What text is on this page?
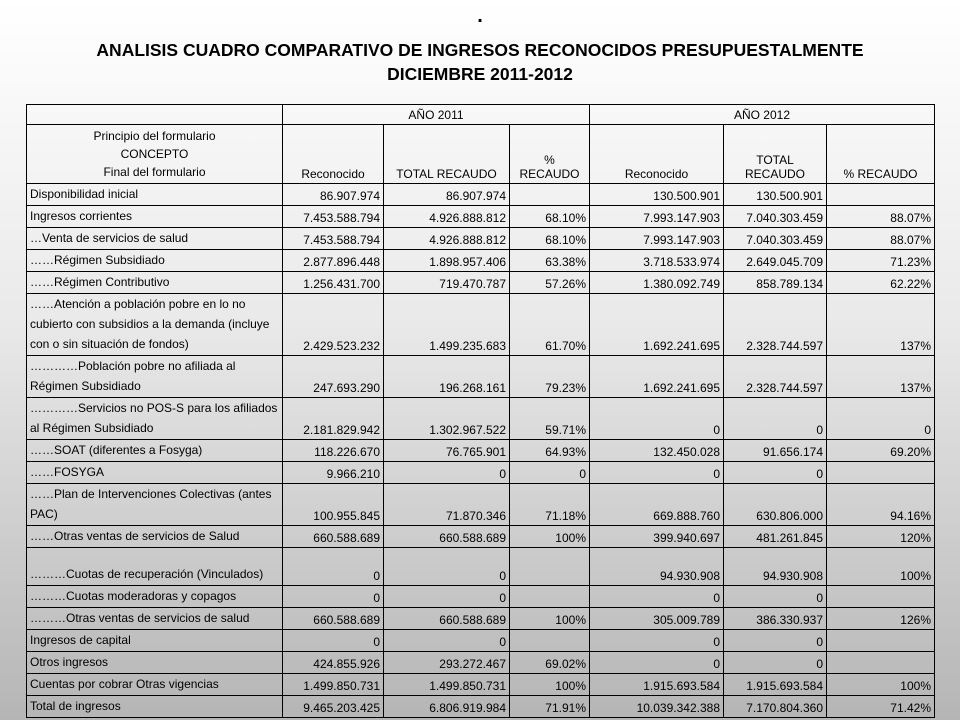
.
ANALISIS CUADRO COMPARATIVO DE INGRESOS RECONOCIDOS PRESUPUESTALMENTE
DICIEMBRE 2011-2012
	AÑO 2011			AÑO 2012		

Principio del formulario
CONCEPTO
Final del formulario	Reconocido	TOTAL RECAUDO	% RECAUDO	Reconocido	TOTAL RECAUDO	% RECAUDO
Disponibilidad inicial	86.907.974	86.907.974		130.500.901	130.500.901	
Ingresos corrientes	7.453.588.794	4.926.888.812	68.10%	7.993.147.903	7.040.303.459	88.07%
…Venta de servicios de salud	7.453.588.794	4.926.888.812	68.10%	7.993.147.903	7.040.303.459	88.07%
……Régimen Subsidiado	2.877.896.448	1.898.957.406	63.38%	3.718.533.974	2.649.045.709	71.23%
……Régimen Contributivo	1.256.431.700	719.470.787	57.26%	1.380.092.749	858.789.134	62.22%
……Atención a población pobre en lo no cubierto con subsidios a la demanda (incluye con o sin situación de fondos)	2.429.523.232	1.499.235.683	61.70%	1.692.241.695	2.328.744.597	137%
…………Población pobre no afiliada al Régimen Subsidiado	247.693.290	196.268.161	79.23%	1.692.241.695	2.328.744.597	137%
…………Servicios no POS-S para los afiliados al Régimen Subsidiado	2.181.829.942	1.302.967.522	59.71%	0	0	0
……SOAT (diferentes a Fosyga)	118.226.670	76.765.901	64.93%	132.450.028	91.656.174	69.20%
……FOSYGA	9.966.210	0	0	0	0	
……Plan de Intervenciones Colectivas (antes PAC)	100.955.845	71.870.346	71.18%	669.888.760	630.806.000	94.16%
……Otras ventas de servicios de Salud	660.588.689	660.588.689	100%	399.940.697	481.261.845	120%
………Cuotas de recuperación (Vinculados)	0	0		94.930.908	94.930.908	100%
………Cuotas moderadoras y copagos	0	0		0	0	
………Otras ventas de servicios de salud	660.588.689	660.588.689	100%	305.009.789	386.330.937	126%
Ingresos de capital	0	0		0	0	
Otros ingresos	424.855.926	293.272.467	69.02%	0	0	
Cuentas por cobrar Otras vigencias	1.499.850.731	1.499.850.731	100%	1.915.693.584	1.915.693.584	100%
Total de ingresos	9.465.203.425	6.806.919.984	71.91%	10.039.342.388	7.170.804.360	71.42%
